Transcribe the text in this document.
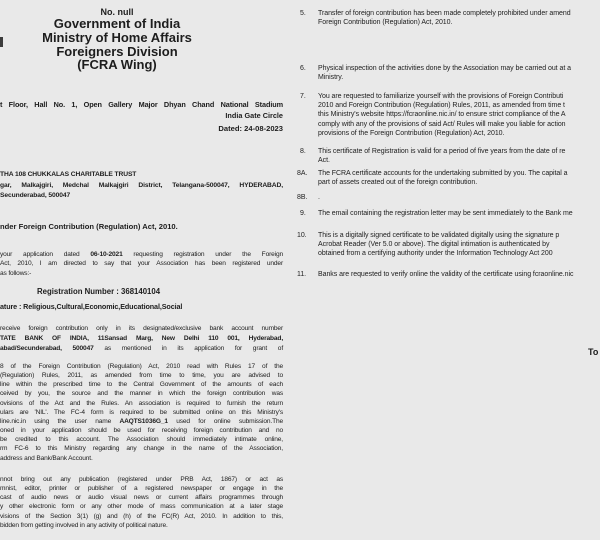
No. null
Government of India
Ministry of Home Affairs
Foreigners Division
(FCRA Wing)
t Floor, Hall No. 1, Open Gallery Major Dhyan Chand National Stadium
India Gate Circle
Dated: 24-08-2023
THA 108 CHUKKALAS CHARITABLE TRUST
gar, Malkajgiri, Medchal Malkajgiri District, Telangana-500047, HYDERABAD,
Secunderabad, 500047
nder Foreign Contribution (Regulation) Act, 2010.
your application dated 06-10-2021 requesting registration under the Foreign
Act, 2010, I am directed to say that your Association has been registered under
as follows:-
Registration Number : 368140104
ature : Religious,Cultural,Economic,Educational,Social
receive foreign contribution only in its designated/exclusive bank account number
TATE BANK OF INDIA, 11Sansad Marg, New Delhi 110 001, Hyderabad,
abad/Secunderabad, 500047 as mentioned in its application for grant of
8 of the Foreign Contribution (Regulation) Act, 2010 read with Rules 17 of the
(Regulation) Rules, 2011, as amended from time to time, you are advised to
line within the prescribed time to the Central Government of the amounts of each
ceived by you, the source and the manner in which the foreign contribution was
ovisions of the Act and the Rules. An association is required to furnish the return
ulars are 'NIL'. The FC-4 form is required to be submitted online on this Ministry's
line.nic.in using the user name AAQTS1036G_1 used for online submission.The
oned in your application should be used for receiving foreign contribution and no
be credited to this account. The Association should immediately intimate online,
rm FC-6 to this Ministry regarding any change in the name of the Association,
address and Bank/Bank Account.
nnot bring out any publication (registered under PRB Act, 1867) or act as
mnist, editor, printer or publisher of a registered newspaper or engage in the
cast of audio news or audio visual news or current affairs programmes through
y other electronic form or any other mode of mass communication at a later stage
visions of the Section 3(1) (g) and (h) of the FC(R) Act, 2010. In addition to this,
bidden from getting involved in any activity of political nature.
5.	Transfer of foreign contribution has been made completely prohibited under amend
Foreign Contribution (Regulation) Act, 2010.
6.	Physical inspection of the activities done by the Association may be carried out at a
Ministry.
7.	You are requested to familiarize yourself with the provisions of Foreign Contributi
2010 and Foreign Contribution (Regulation) Rules, 2011, as amended from time t
this Ministry's website https://fcraonline.nic.in/ to ensure strict compliance of the A
comply with any of the provisions of said Act/ Rules will make you liable for action
provisions of the Foreign Contribution (Regulation) Act, 2010.
8.	This certificate of Registration is valid for a period of five years from the date of re
Act.
8A.	The FCRA certificate accounts for the undertaking submitted by you. The capital a
part of assets created out of the foreign contribution.
8B.	.
9.	The email containing the registration letter may be sent immediately to the Bank me
10.	This is a digitally signed certificate to be validated digitally using the signature p
Acrobat Reader (Ver 5.0 or above). The digital intimation is authenticated by
obtained from a certifying authority under the Information Technology Act 200
11.	Banks are requested to verify online the validity of the certificate using fcraonline.nic
To
